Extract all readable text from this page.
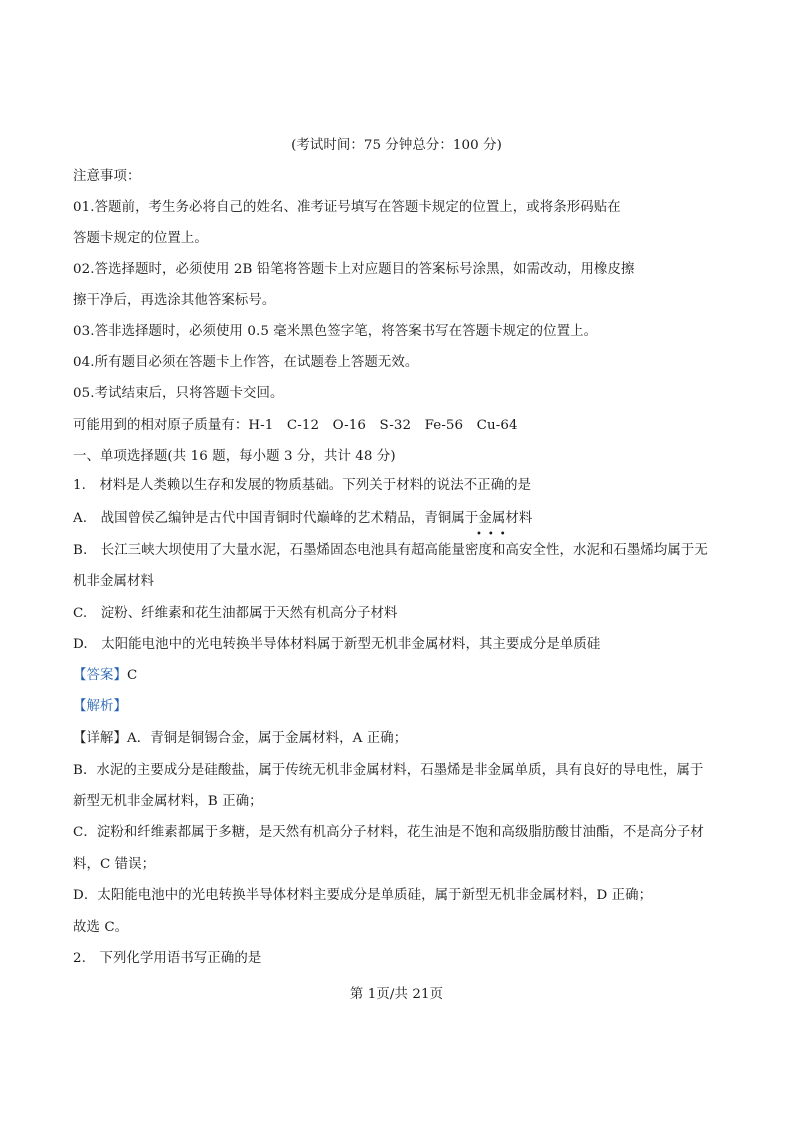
(考试时间：75 分钟总分：100 分)
注意事项：
01.答题前，考生务必将自己的姓名、准考证号填写在答题卡规定的位置上，或将条形码贴在
答题卡规定的位置上。
02.答选择题时，必须使用 2B 铅笔将答题卡上对应题目的答案标号涂黑，如需改动，用橡皮擦
擦干净后，再选涂其他答案标号。
03.答非选择题时，必须使用 0.5 毫米黑色签字笔，将答案书写在答题卡规定的位置上。
04.所有题目必须在答题卡上作答，在试题卷上答题无效。
05.考试结束后，只将答题卡交回。
可能用到的相对原子质量有：H-1　C-12　O-16　S-32　Fe-56　Cu-64
一、单项选择题(共 16 题，每小题 3 分，共计 48 分)
1.　材料是人类赖以生存和发展的物质基础。下列关于材料的说法不正确的是
A.　战国曾侯乙编钟是古代中国青铜时代巅峰的艺术精品，青铜属于金属材料
•••
B.　长江三峡大坝使用了大量水泥，石墨烯固态电池具有超高能量密度和高安全性，水泥和石墨烯均属于无
机非金属材料
C.　淀粉、纤维素和花生油都属于天然有机高分子材料
D.　太阳能电池中的光电转换半导体材料属于新型无机非金属材料，其主要成分是单质硅
【答案】C
【解析】
【详解】A．青铜是铜锡合金，属于金属材料，A 正确；
B．水泥的主要成分是硅酸盐，属于传统无机非金属材料，石墨烯是非金属单质，具有良好的导电性，属于
新型无机非金属材料，B 正确；
C．淀粉和纤维素都属于多糖，是天然有机高分子材料，花生油是不饱和高级脂肪酸甘油酯，不是高分子材
料，C 错误；
D．太阳能电池中的光电转换半导体材料主要成分是单质硅，属于新型无机非金属材料，D 正确；
故选 C。
2.　下列化学用语书写正确的是
第 1页/共 21页
